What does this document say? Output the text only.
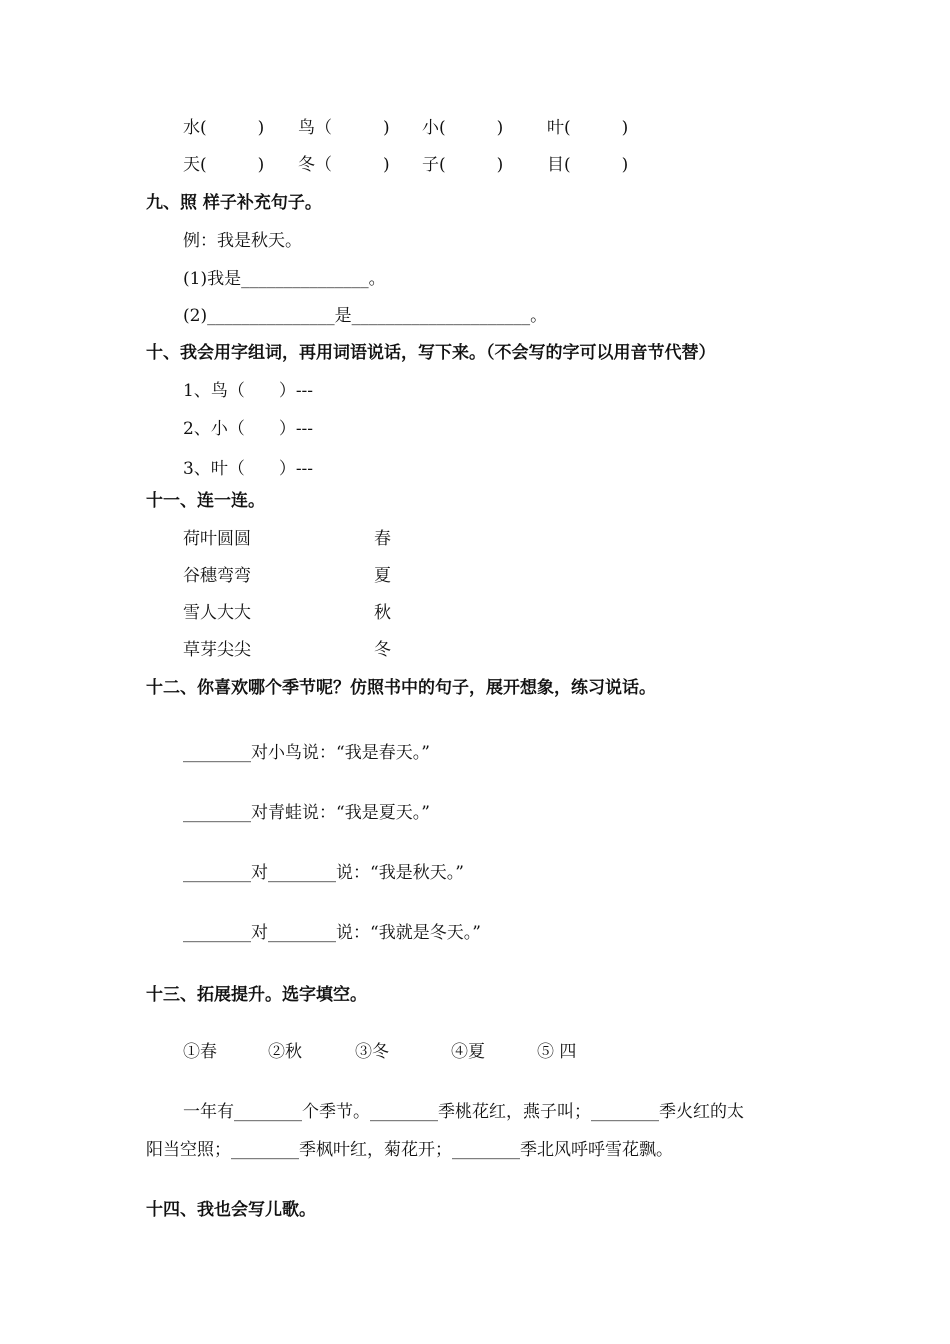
水(　　　) 鸟（　　　) 小(　　　)	叶(　　　)
天(　　　) 冬（　　　) 子(　　　)	目(　　　)
九、照 样子补充句子。
例：我是秋天。
(1)我是_______________。
(2)_______________是_____________________。
十、我会用字组词，再用词语说话，写下来。（不会写的字可以用音节代替）
1、鸟（　　）---
2、小（　　）---
3、叶（　　）---
十一、连一连。
荷叶圆圆	春
谷穗弯弯	夏
雪人大大	秋
草芽尖尖	冬
十二、你喜欢哪个季节呢？仿照书中的句子，展开想象，练习说话。
________对小鸟说：“我是春天。”
________对青蛙说：“我是夏天。”
________对________说：“我是秋天。”
________对________说：“我就是冬天。”
十三、拓展提升。选字填空。
①春	②秋	③冬	④夏	⑤ 四
一年有________个季节。________季桃花红，燕子叫；________季火红的太
阳当空照；________季枫叶红，菊花开；________季北风呼呼雪花飘。
十四、我也会写儿歌。
